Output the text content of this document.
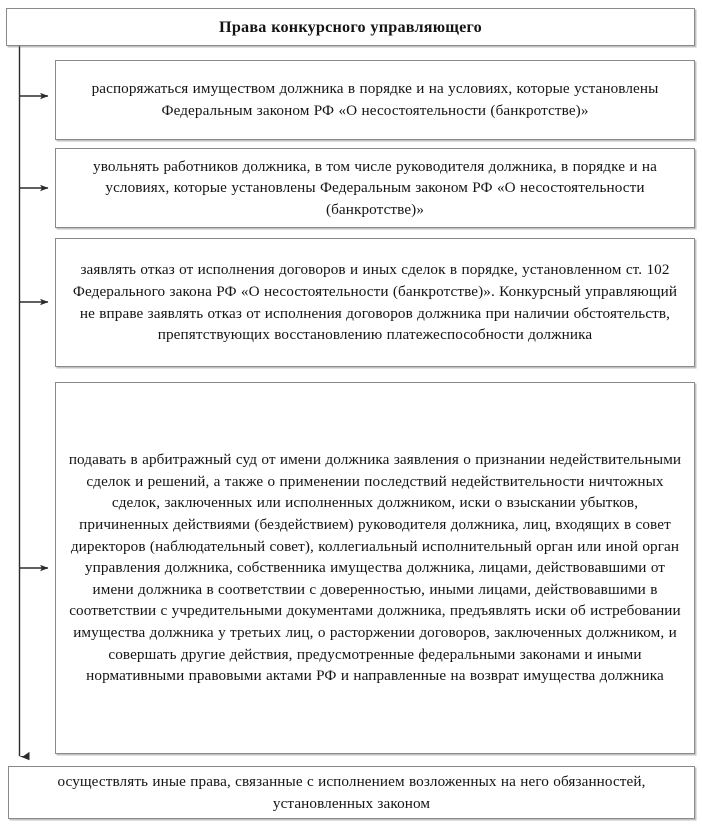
Права конкурсного управляющего
распоряжаться имуществом должника в порядке и на условиях, которые установлены Федеральным законом РФ «О несостоятельности (банкротстве)»
увольнять работников должника, в том числе руководителя должника, в порядке и на условиях, которые установлены Федеральным законом РФ «О несостоятельности (банкротстве)»
заявлять отказ от исполнения договоров и иных сделок в порядке, установленном ст. 102 Федерального закона РФ «О несостоятельности (банкротстве)». Конкурсный управляющий не вправе заявлять отказ от исполнения договоров должника при наличии обстоятельств, препятствующих восстановлению платежеспособности должника
подавать в арбитражный суд от имени должника заявления о признании недействительными сделок и решений, а также о применении последствий недействительности ничтожных сделок, заключенных или исполненных должником, иски о взыскании убытков, причиненных действиями (бездействием) руководителя должника, лиц, входящих в совет директоров (наблюдательный совет), коллегиальный исполнительный орган или иной орган управления должника, собственника имущества должника, лицами, действовавшими от имени должника в соответствии с доверенностью, иными лицами, действовавшими в соответствии с учредительными документами должника, предъявлять иски об истребовании имущества должника у третьих лиц, о расторжении договоров, заключенных должником, и совершать другие действия, предусмотренные федеральными законами и иными нормативными правовыми актами РФ и направленные на возврат имущества должника
осуществлять иные права, связанные с исполнением возложенных на него обязанностей, установленных законом
